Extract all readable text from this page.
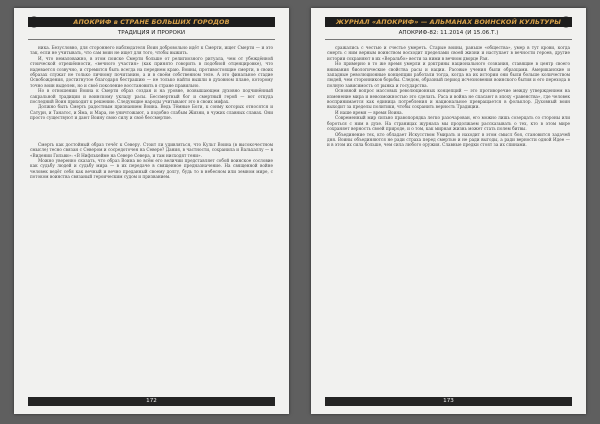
АПОКРИФ в СТРАНЕ БОЛЬШИХ ГОРОДОВ
ТРАДИЦИЯ И ПРОРОКИ

ника. Безусловно, для стороннего наблюдателя Воин добровольно идёт к Смерти, ищет Смерти — и это так, если не учитывать, что сам воин не ищет для того, чтобы выжить.

И, что немаловажно, в этом поиске Смерти больше от религиозного ритуала, чем от убеждённой стоической отрешённости, «вечного участия» (как принято говорить в подобной отценцировке), что надевается созвучно, и стремится быть всегда на переднем краю. Воины, противостоящие смерти, в своих образах служат не только личному почитанию, а и в своём собственном теле. А это финальное стадие Освобождения, достигнутое благодаря бестрашию — не только найти вышли в духовном плане, которому точно воин выделен, но и своё поколение восстановить в стране правильно.

Но в отношении Воина к Смерти образ создан и на уровне, возвышающем духовно подчинённый сакральной традиции и воинскому укладу расы. Бессмертный бог и смертный герой — вот откуда последний Воин приходит к решению. Следующие народы учитывают это в своих мифах.

Должно быть Смерть радостным признанием Воина. Ведь Тёмные Боги, к сонму которых относятся и Сатурн, и Танатос, и Яма, и Мара, не уничтожают, а подобно слабым Жизни, в чужих славных славах. Они просто существуют и дают Воину свою силу и своё бессмертие.

Смерть как достойный образ течёт к Северу. Стоит ли удивляться, что Культ Воина (в высокочестном смысле) тесно связан с Севером и сосредоточен на Севере? Дания, в частности, сохранила и Вальхаллу — в «Видении Гильви»: «В Нифльхейме на Севере Севера, и там нисходят тени».

Можно уверенно сказать, что образ Воина во всём его величии представляет собой воинское сословие как судьбу людей и судьбу мира — в их передаче в священное предназначение. На священной войне человек ведёт себя как вечный и вечно преданный своему долгу, будь то в небесном или земном мире, с потоком воинства связаный героическим судом и призванием.

172
ЖУРНАЛ «АПОКРИФ» — АЛЬМАНАХ ВОИНСКОЙ КУЛЬТУРЫ
АПОКРИФ-82: 11.2014 (И 15.06.Т.)

сражались с честью и счестье умереть. Старые воины, раньше «общества», умер в тут крови, когда смерть с ним верным воинством восходит пределами своей жизни и наступает в вечности героев, другие истории сохраняют в их «Веральбо» вести за ними в вечном дворце Рая.

Но примерно в то же время умерли и доктрины национального сознания, ставящие в центр своего внимания биологические свойства расы и нации. Расовые учения были образцами. Американские и западные революционные концепции работали тогда, когда на их истории они были больше количеством людей, чем сторонников борьбы. Следом, образный период исчезновения воинского бытия и его перехода в полную зависимость от рынка и государства.

Основной вопрос массовых революционных концепций — это противоречие между утверждением на изменение мира и невозможностью это сделать. Раса и война не спасают в эпоху «равенства», где человек воспринимается как единица потребления и национальное превращается в фольклор. Духовный воин выходит за пределы политики, чтобы сохранить верность Традиции.

И наше время — время Воина.

Современный мир сильно правопорядка легко разочарован, его можно лишь созерцать со стороны или бороться с ним в духе. На страницах журнала мы продолжаем рассказывать о тех, кто в этом мире сохраняет верность своей природе, и о том, как мирная жизнь может стать полем битвы.

Объединение тех, кто обладает Искусством Умирать и находит в этом смысл боя, становится задачей дня. Воины объединяются не ради страха перед смертью и не ради выгоды, а ради верности одной Идее — и в этом их сила больше, чем сила любого оружия. Славные предки стоят за их спинами.

173
